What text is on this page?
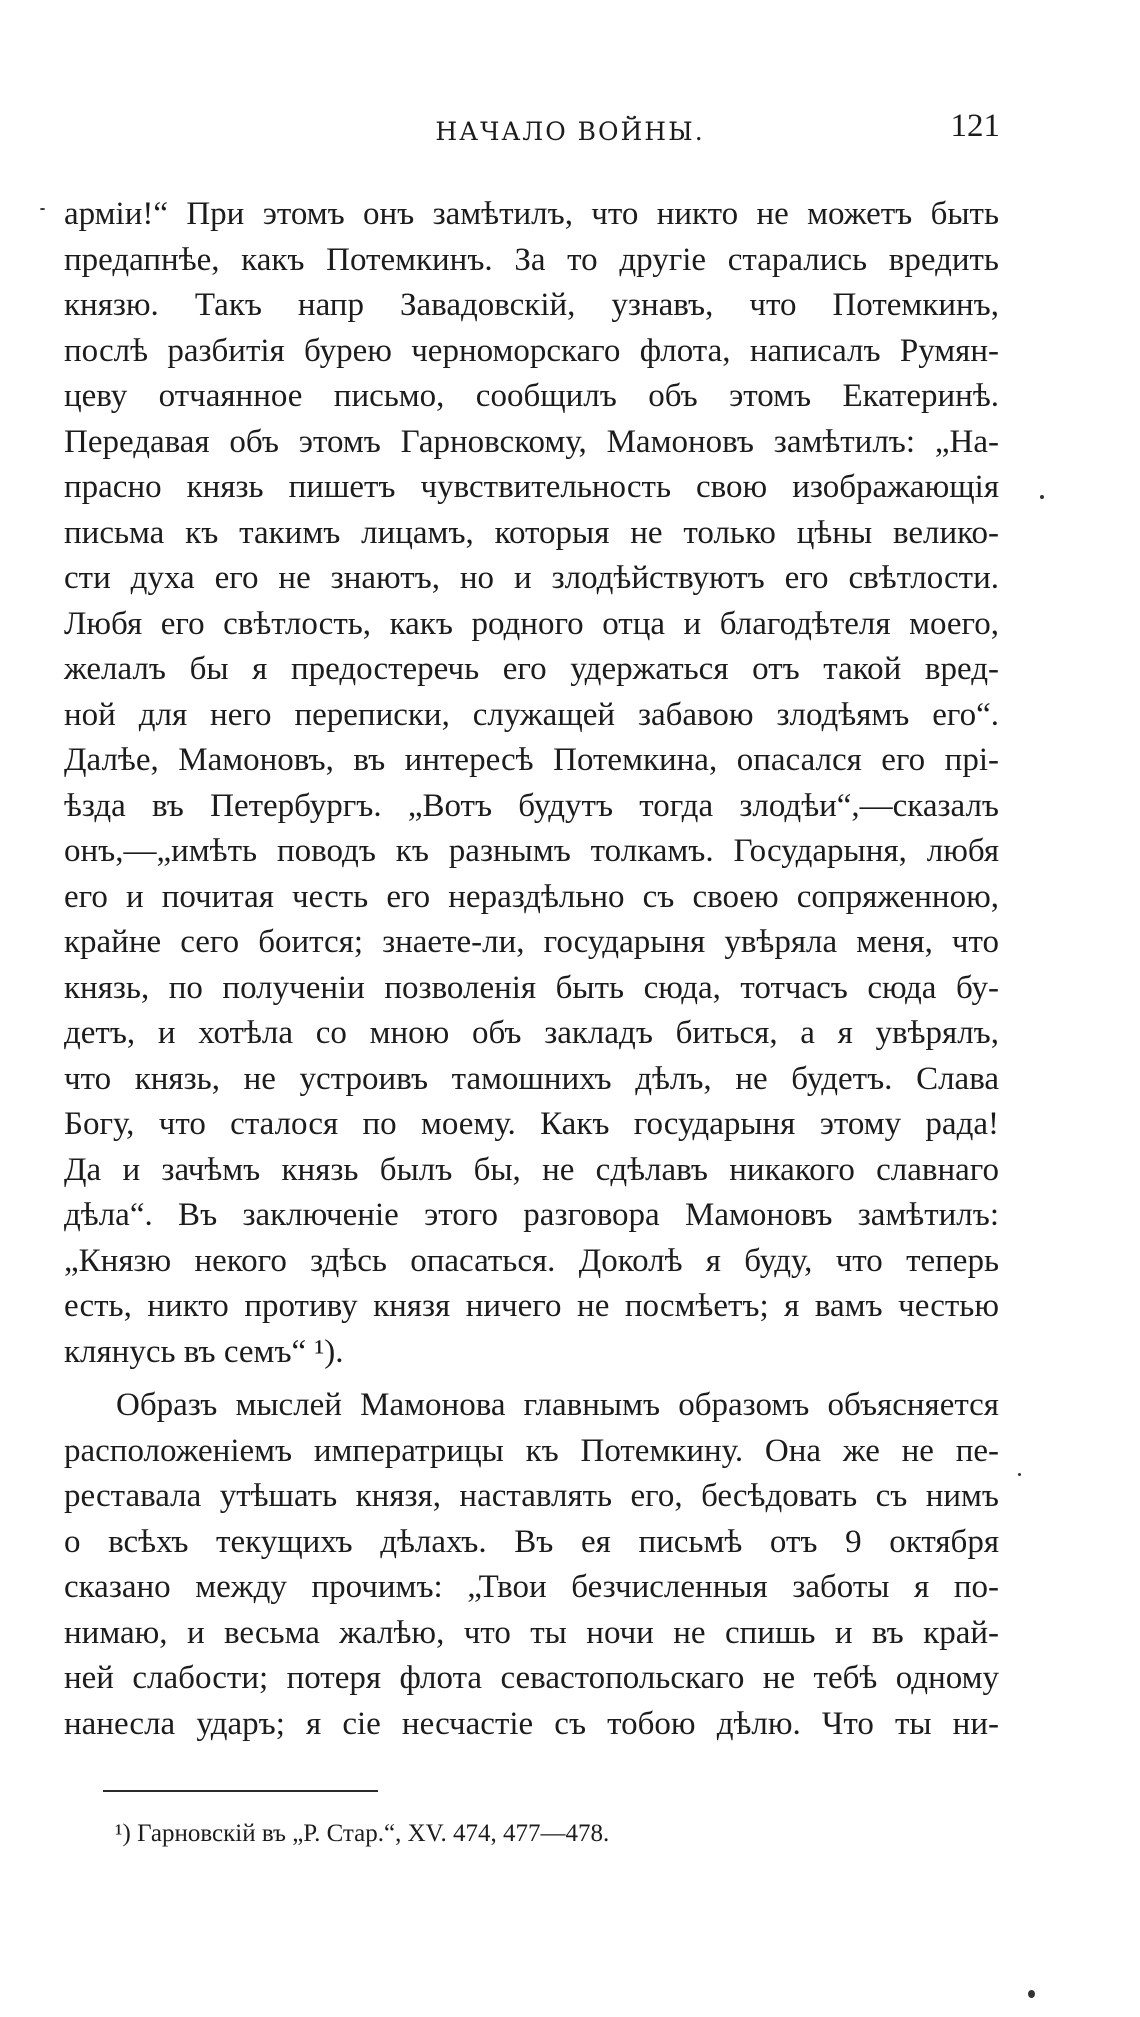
НАЧАЛО ВОЙНЫ.	121
арміи!“ При этомъ онъ замѣтилъ, что никто не можетъ быть
предапнѣе, какъ Потемкинъ. За то другіе старались вредить
князю. Такъ напр Завадовскій, узнавъ, что Потемкинъ,
послѣ разбитія бурею черноморскаго флота, написалъ Румян-
цеву отчаянное письмо, сообщилъ объ этомъ Екатеринѣ.
Передавая объ этомъ Гарновскому, Мамоновъ замѣтилъ: „На-
прасно князь пишетъ чувствительность свою изображающія
письма къ такимъ лицамъ, которыя не только цѣны велико-
сти духа его не знаютъ, но и злодѣйствуютъ его свѣтлости.
Любя его свѣтлость, какъ родного отца и благодѣтеля моего,
желалъ бы я предостеречь его удержаться отъ такой вред-
ной для него переписки, служащей забавою злодѣямъ его“.
Далѣе, Мамоновъ, въ интересѣ Потемкина, опасался его прі-
ѣзда въ Петербургъ. „Вотъ будутъ тогда злодѣи“,—сказалъ
онъ,—„имѣть поводъ къ разнымъ толкамъ. Государыня, любя
его и почитая честь его нераздѣльно съ своею сопряженною,
крайне сего боится; знаете-ли, государыня увѣряла меня, что
князь, по полученіи позволенія быть сюда, тотчасъ сюда бу-
детъ, и хотѣла со мною объ закладъ биться, а я увѣрялъ,
что князь, не устроивъ тамошнихъ дѣлъ, не будетъ. Слава
Богу, что сталося по моему. Какъ государыня этому рада!
Да и зачѣмъ князь былъ бы, не сдѣлавъ никакого славнаго
дѣла“. Въ заключеніе этого разговора Мамоновъ замѣтилъ:
„Князю некого здѣсь опасаться. Доколѣ я буду, что теперь
есть, никто противу князя ничего не посмѣетъ; я вамъ честью
клянусь въ семъ“ ¹).
Образъ мыслей Мамонова главнымъ образомъ объясняется
расположеніемъ императрицы къ Потемкину. Она же не пе-
реставала утѣшать князя, наставлять его, бесѣдовать съ нимъ
о всѣхъ текущихъ дѣлахъ. Въ ея письмѣ отъ 9 октября
сказано между прочимъ: „Твои безчисленныя заботы я по-
нимаю, и весьма жалѣю, что ты ночи не спишь и въ край-
ней слабости; потеря флота севастопольскаго не тебѣ одному
нанесла ударъ; я сіе несчастіе съ тобою дѣлю. Что ты ни-
¹) Гарновскій въ „Р. Стар.“, XV. 474, 477—478.
